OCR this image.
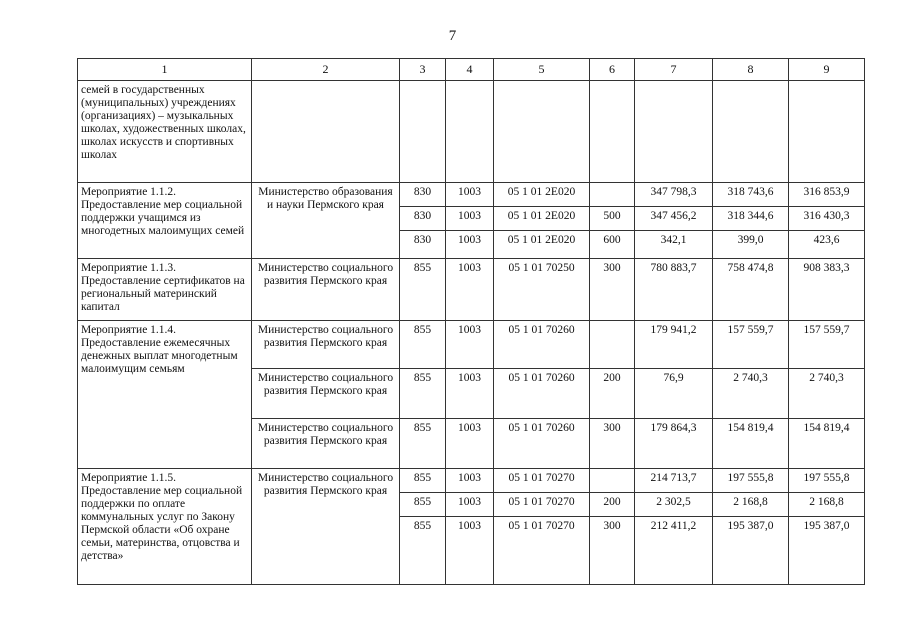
7
1	2	3	4	5	6	7	8	9
семей в государственных (муниципальных) учреждениях (организациях) – музыкальных школах, художественных школах, школах искусств и спортивных школах								
Мероприятие 1.1.2. Предоставление мер социальной поддержки учащимся из многодетных малоимущих семей	Министерство образования и науки Пермского края	830	1003	05 1 01 2E020		347 798,3	318 743,6	316 853,9
		830	1003	05 1 01 2E020	500	347 456,2	318 344,6	316 430,3
		830	1003	05 1 01 2E020	600	342,1	399,0	423,6
Мероприятие 1.1.3. Предоставление сертификатов на региональный материнский капитал	Министерство социального развития Пермского края	855	1003	05 1 01 70250	300	780 883,7	758 474,8	908 383,3
Мероприятие 1.1.4. Предоставление ежемесячных денежных выплат многодетным малоимущим семьям	Министерство социального развития Пермского края	855	1003	05 1 01 70260		179 941,2	157 559,7	157 559,7
	Министерство социального развития Пермского края	855	1003	05 1 01 70260	200	76,9	2 740,3	2 740,3
	Министерство социального развития Пермского края	855	1003	05 1 01 70260	300	179 864,3	154 819,4	154 819,4
Мероприятие 1.1.5. Предоставление мер социальной поддержки по оплате коммунальных услуг по Закону Пермской области «Об охране семьи, материнства, отцовства и детства»	Министерство социального развития Пермского края	855	1003	05 1 01 70270		214 713,7	197 555,8	197 555,8
		855	1003	05 1 01 70270	200	2 302,5	2 168,8	2 168,8
		855	1003	05 1 01 70270	300	212 411,2	195 387,0	195 387,0
